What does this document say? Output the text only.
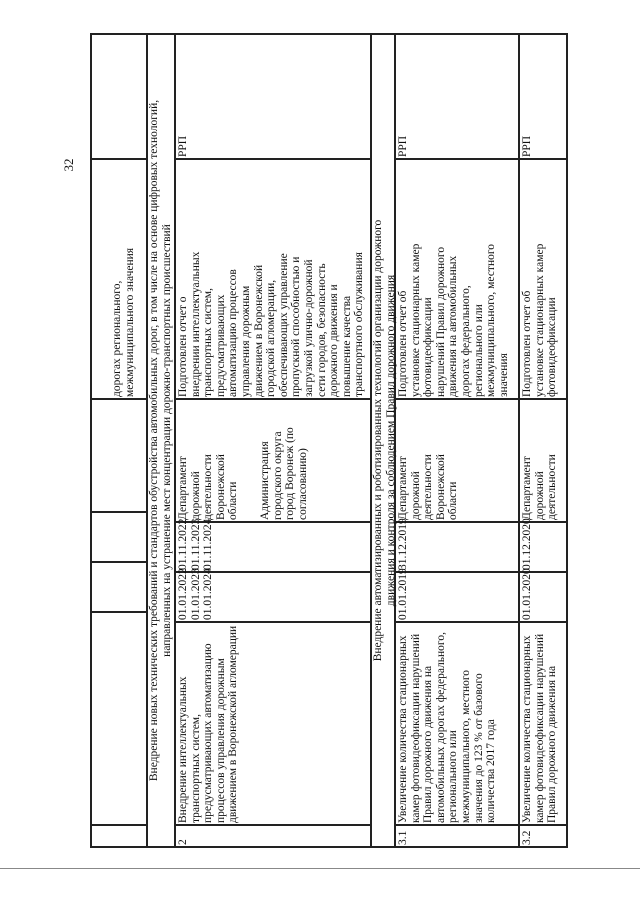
32
дорогах регионального,
межмуниципального значения
Внедрение новых технических требований и стандартов обустройства автомобильных дорог, в том числе на основе цифровых технологий,
направленных на устранение мест концентрации дорожно-транспортных происшествий
2
Внедрение интеллектуальных
транспортных систем,
предусматривающих автоматизацию
процессов управления дорожным
движением в Воронежской агломерации
01.01.2022
01.01.2023
01.01.2024
01.11.2022
01.11.2023
01.11.2024
Департамент
дорожной
деятельности
Воронежской
области	Администрация
городского округа
город Воронеж (по
согласованию)
Подготовлен отчет о
внедрении интеллектуальных
транспортных систем,
предусматривающих
автоматизацию процессов
управления дорожным
движением в Воронежской
городской агломерации,
обеспечивающих управление
пропускной способностью и
загрузкой улично-дорожной
сети городов, безопасность
дорожного движения и
повышение качества
транспортного обслуживания
РРП
Внедрение автоматизированных и роботизированных технологий организации дорожного
движения и контроля за соблюдением Правил дорожного движения
3.1
Увеличение количества стационарных
камер фотовидеофиксации нарушений
Правил дорожного движения на
автомобильных дорогах федерального,
регионального или
межмуниципального, местного
значения до 123 % от базового
количества 2017 года
01.01.2019
31.12.2019
Департамент
дорожной
деятельности
Воронежской
области
Подготовлен отчет об
установке стационарных камер
фотовидеофиксации
нарушений Правил дорожного
движения на автомобильных
дорогах федерального,
регионального или
межмуниципального, местного
значения
РРП
3.2
Увеличение количества стационарных
камер фотовидеофиксации нарушений
Правил дорожного движения на
01.01.2020
01.12.2020
Департамент
дорожной
деятельности
Подготовлен отчет об
установке стационарных камер
фотовидеофиксации
РРП
